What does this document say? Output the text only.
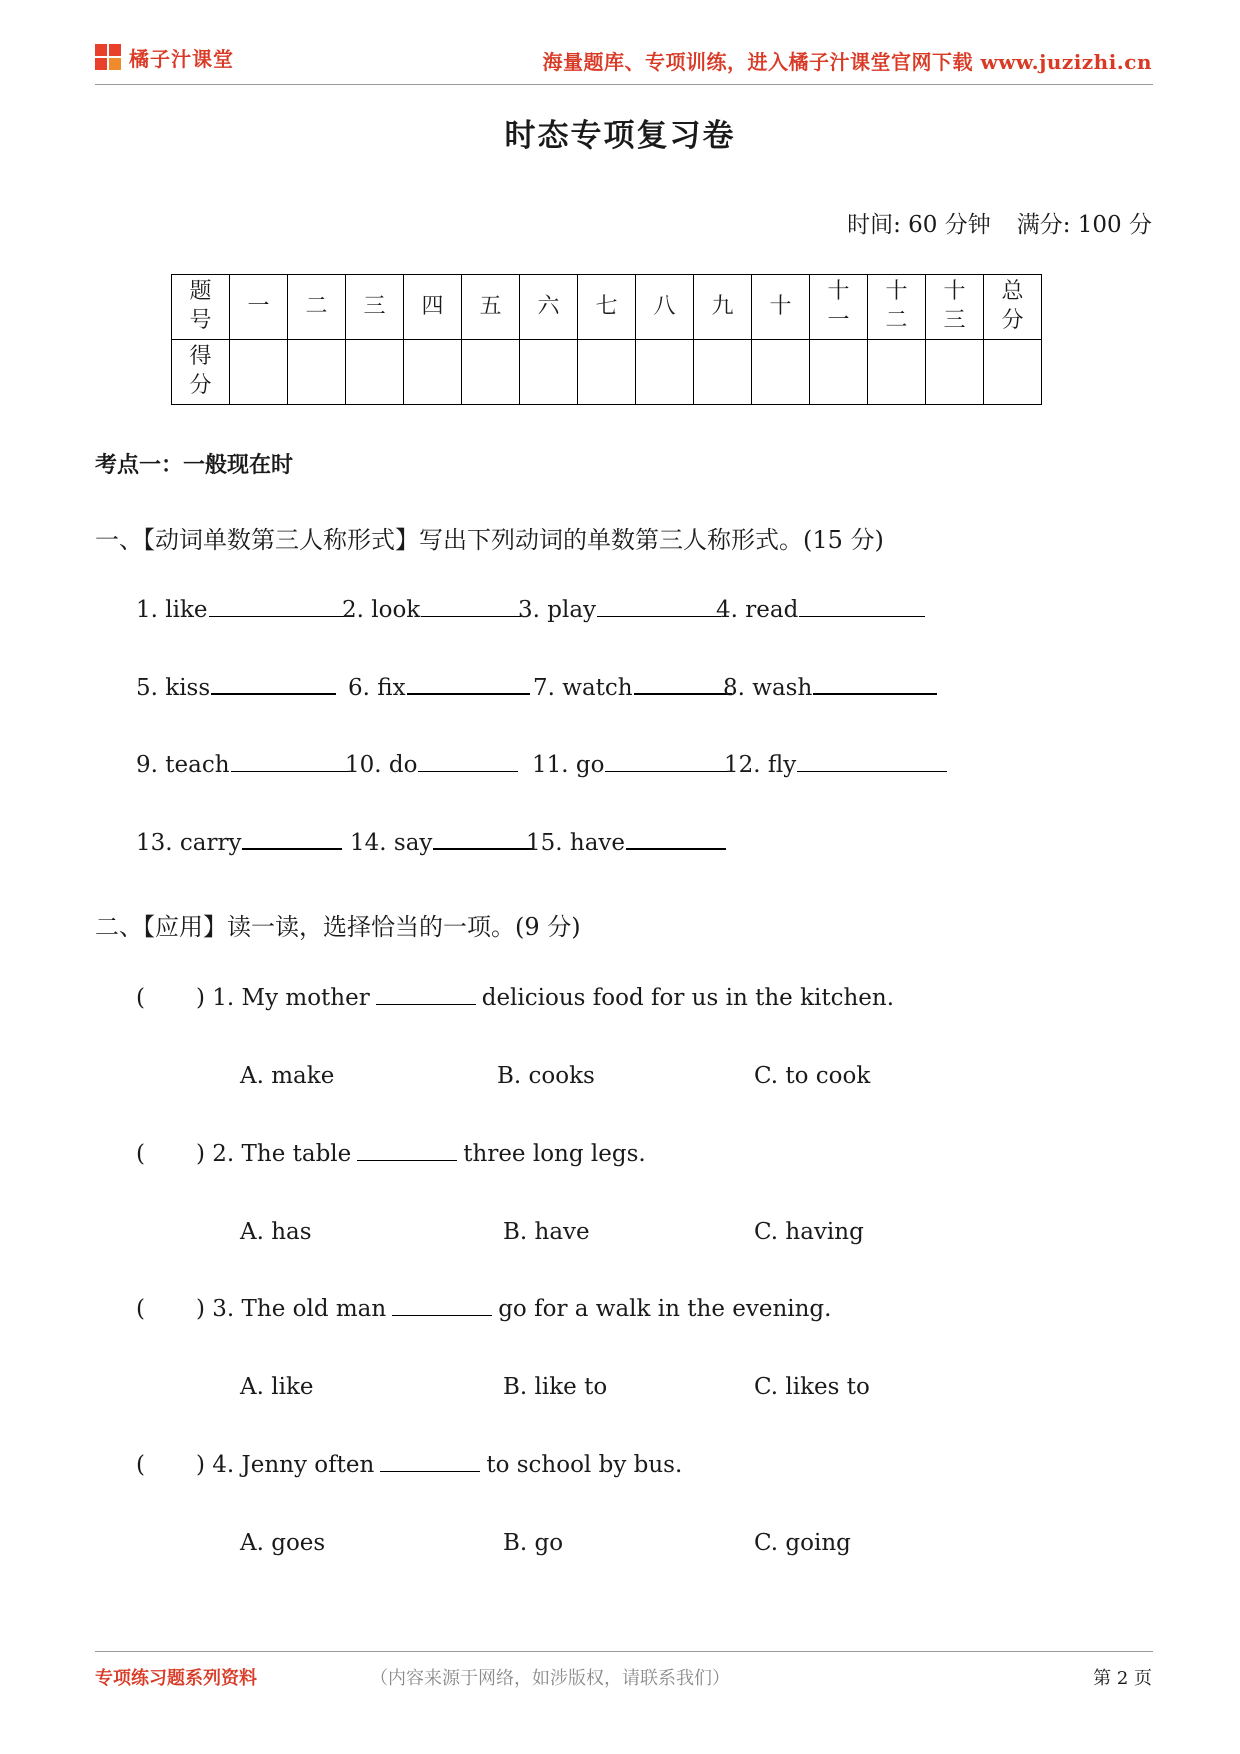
橘子汁课堂	海量题库、专项训练，进入橘子汁课堂官网下载 www.juzizhi.cn
时态专项复习卷
时间: 60 分钟 满分: 100 分
题号	一	二	三	四	五	六	七	八	九	十	十一	十二	十三	总分
得分														
考点一：一般现在时
一、【动词单数第三人称形式】写出下列动词的单数第三人称形式。(15 分)
1. like	2. look	3. play	4. read
5. kiss	6. fix	7. watch	8. wash
9. teach	10. do	11. go	12. fly
13. carry	14. say	15. have
二、【应用】读一读，选择恰当的一项。(9 分)
( ) 1. My mother	delicious food for us in the kitchen.
A. make	B. cooks	C. to cook
( ) 2. The table	three long legs.
A. has	B. have	C. having
( ) 3. The old man	go for a walk in the evening.
A. like	B. like to	C. likes to
( ) 4. Jenny often	to school by bus.
A. goes	B. go	C. going
专项练习题系列资料	（内容来源于网络，如涉版权，请联系我们）	第 2 页
